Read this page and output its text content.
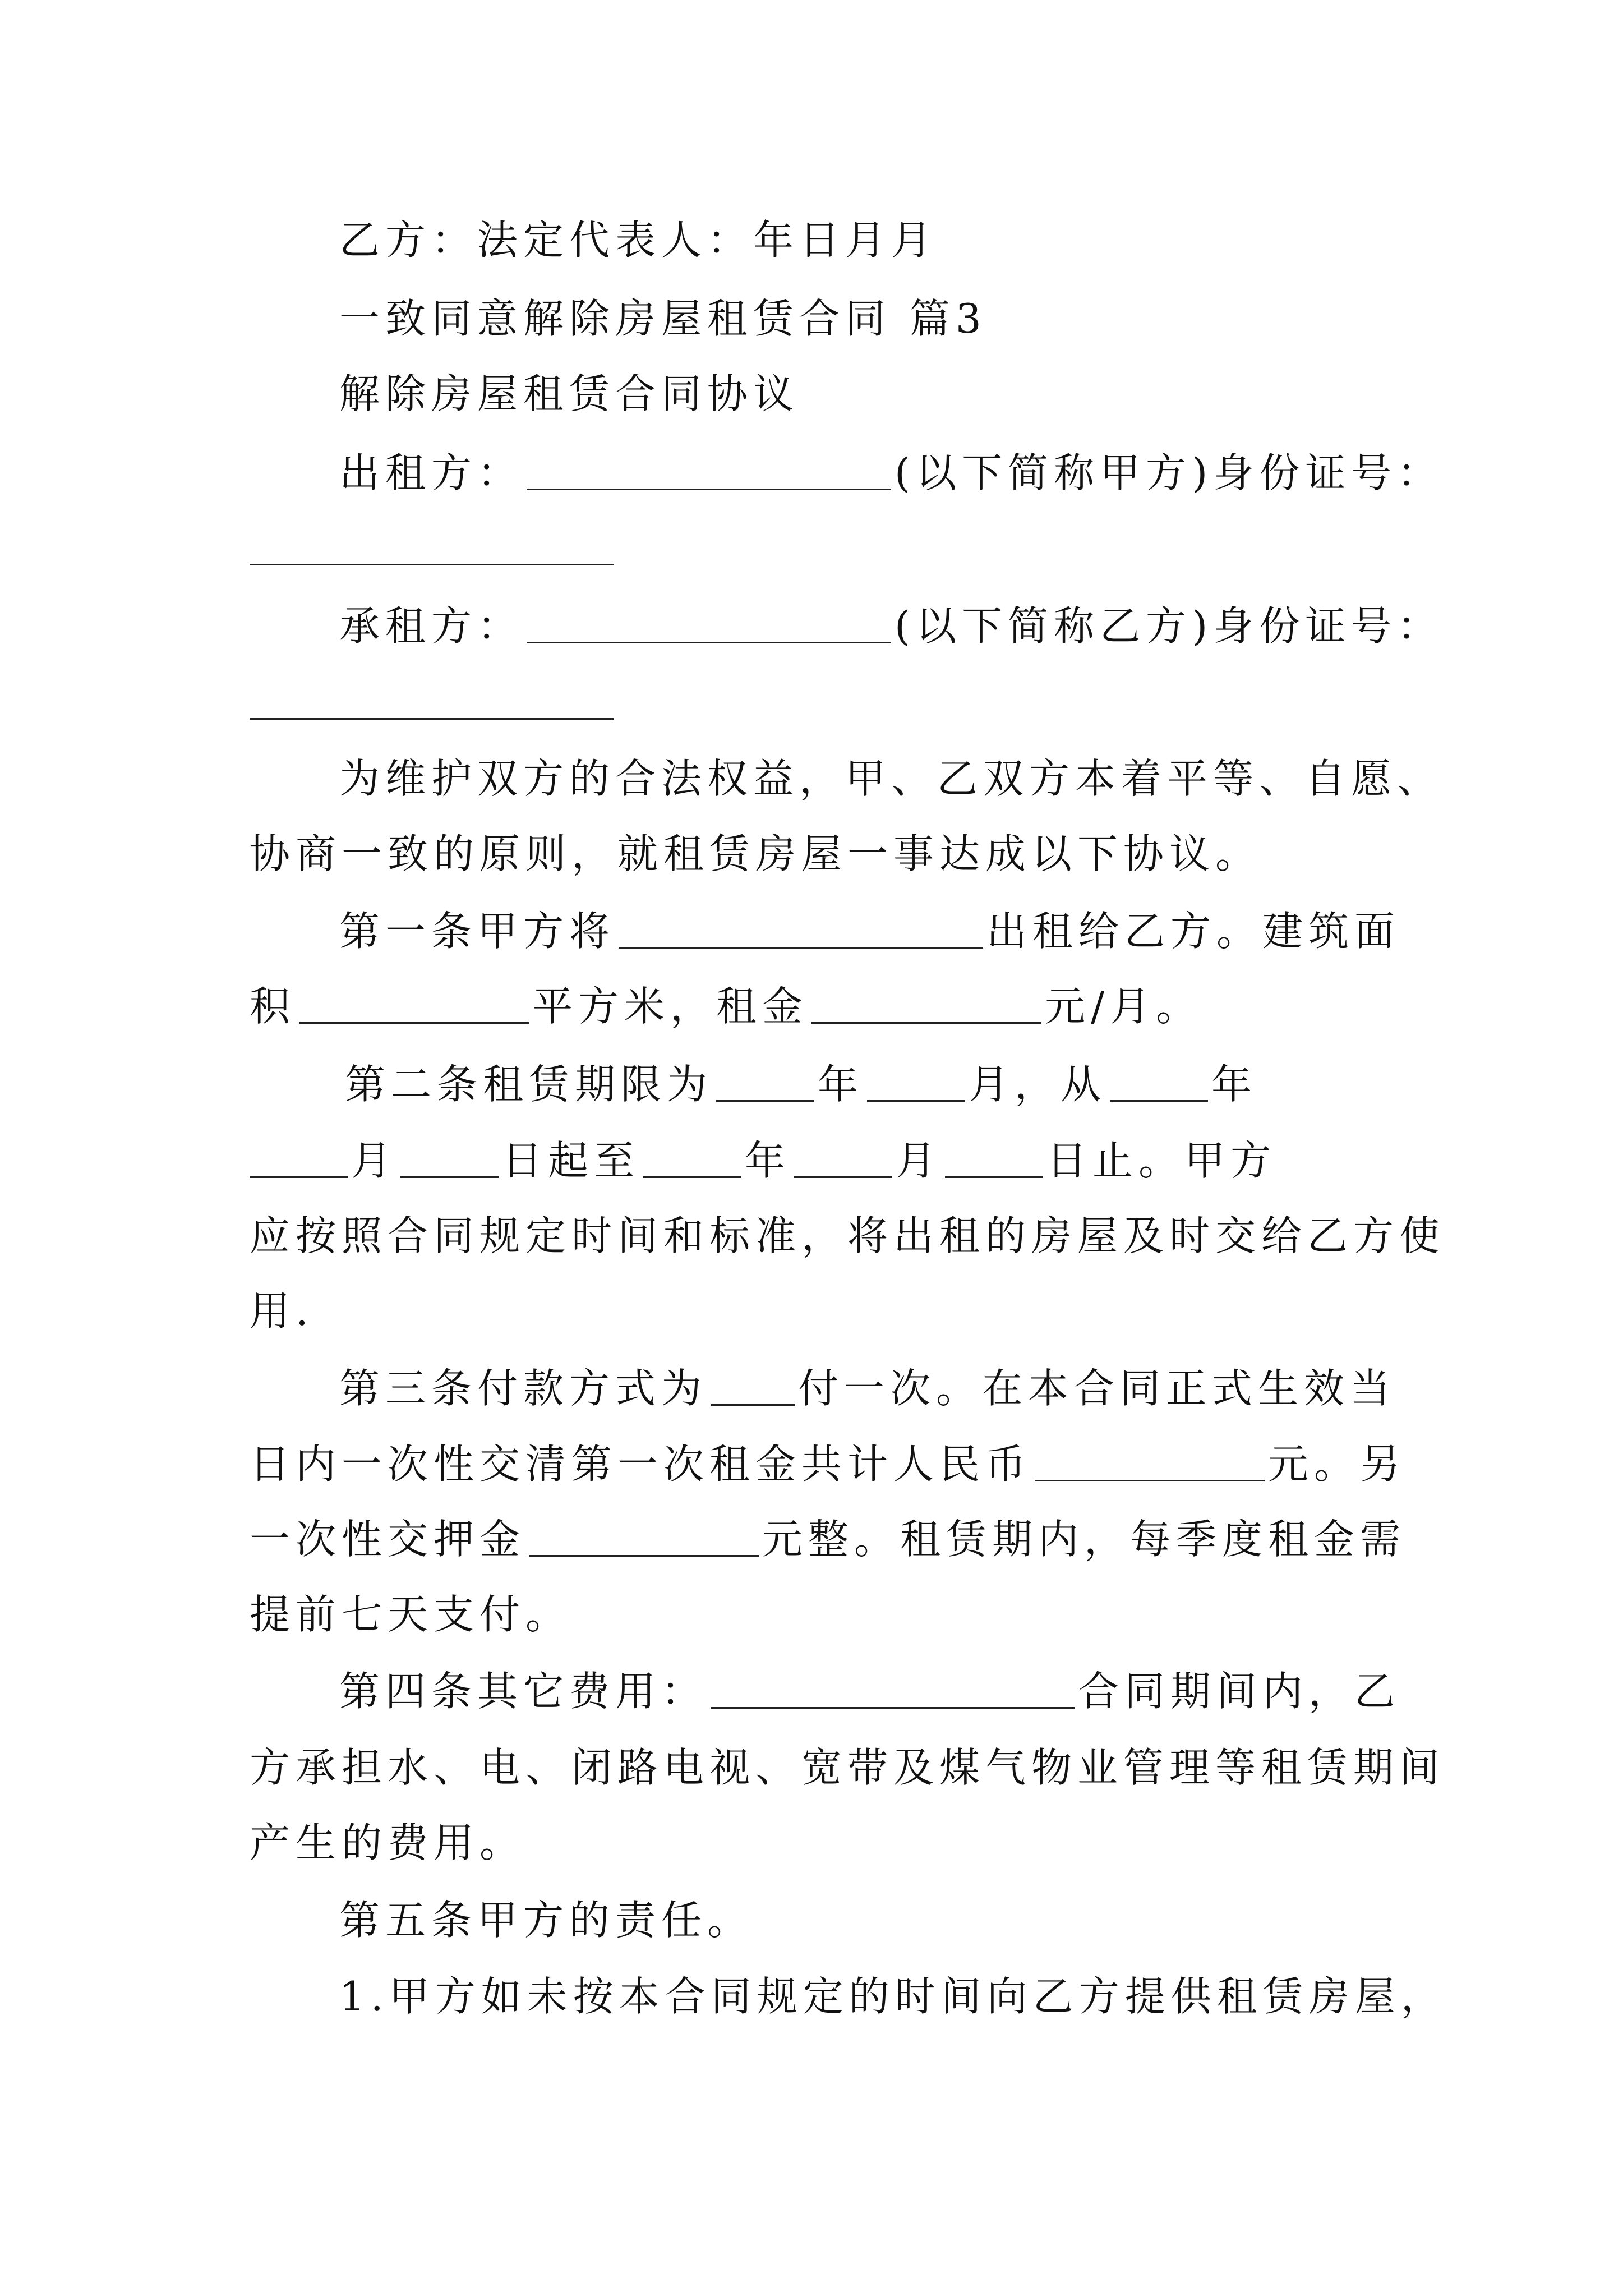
乙方：法定代表人：年日月月
一致同意解除房屋租赁合同 篇3
解除房屋租赁合同协议
出租方：	(以下简称甲方)身份证号：
承租方：	(以下简称乙方)身份证号：
为维护双方的合法权益，甲、乙双方本着平等、自愿、
协商一致的原则，就租赁房屋一事达成以下协议。
第一条甲方将	出租给乙方。建筑面
积	平方米，租金	元/月。
第二条租赁期限为	年	月，从	年
月	日起至	年	月	日止。甲方
应按照合同规定时间和标准，将出租的房屋及时交给乙方使
用.
第三条付款方式为 付一次。在本合同正式生效当
日内一次性交清第一次租金共计人民币	元。另
一次性交押金	元整。租赁期内，每季度租金需
提前七天支付。
第四条其它费用：	合同期间内，乙
方承担水、电、闭路电视、宽带及煤气物业管理等租赁期间
产生的费用。
第五条甲方的责任。
1.甲方如未按本合同规定的时间向乙方提供租赁房屋，
